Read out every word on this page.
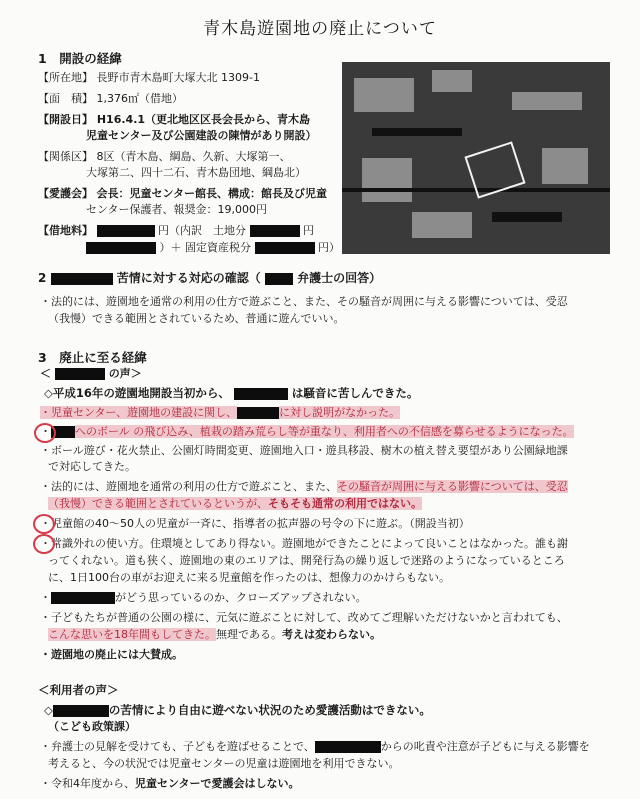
青木島遊園地の廃止について
1　開設の経緯
【所在地】 長野市青木島町大塚大北 1309-1
【面　積】 1,376㎡（借地）
【開設日】 H16.4.1（更北地区区長会長から、青木島
児童センター及び公園建設の陳情があり開設）
【関係区】 8区（青木島、綱島、久新、大塚第一、
大塚第二、四十二石、青木島団地、綱島北）
【愛護会】 会長：児童センター館長、構成：館長及び児童
センター保護者、報奨金：19,000円
【借地料】	円（内訳　土地分	円
）＋ 固定資産税分	円）
2	苦情に対する対応の確認（	弁護士の回答）
・法的には、遊園地を通常の利用の仕方で遊ぶこと、また、その騒音が周囲に与える影響については、受忍
（我慢）できる範囲とされているため、普通に遊んでいい。
3　廃止に至る経緯
＜	の声＞
◇平成16年の遊園地開設当初から、	は騒音に苦しんできた。
・児童センター、遊園地の建設に関し、	に対し説明がなかった。
・ へのボール の飛び込み、植栽の踏み荒らし等が重なり、利用者への不信感を募らせるようになった。
・ボール遊び・花火禁止、公園灯時間変更、遊園地入口・遊具移設、樹木の植え替え要望があり公園緑地課
で対応してきた。
・法的には、遊園地を通常の利用の仕方で遊ぶこと、また、その騒音が周囲に与える影響については、受忍
（我慢）できる範囲とされているというが、そもそも通常の利用ではない。
・児童館の40～50人の児童が一斉に、指導者の拡声器の号令の下に遊ぶ。（開設当初）
・常識外れの使い方。住環境としてあり得ない。遊園地ができたことによって良いことはなかった。誰も謝
ってくれない。道も狭く、遊園地の東のエリアは、開発行為の繰り返しで迷路のようになっているところ
に、1日100台の車がお迎えに来る児童館を作ったのは、想像力のかけらもない。
・	がどう思っているのか、クローズアップされない。
・子どもたちが普通の公園の様に、元気に遊ぶことに対して、改めてご理解いただけないかと言われても、
こんな思いを18年間もしてきた。無理である。考えは変わらない。
・遊園地の廃止には大賛成。
＜利用者の声＞
◇	の苦情により自由に遊べない状況のため愛護活動はできない。
（こども政策課）
・弁護士の見解を受けても、子どもを遊ばせることで、	からの叱責や注意が子どもに与える影響を
考えると、今の状況では児童センターの児童は遊園地を利用できない。
・令和4年度から、児童センターで愛護会はしない。
